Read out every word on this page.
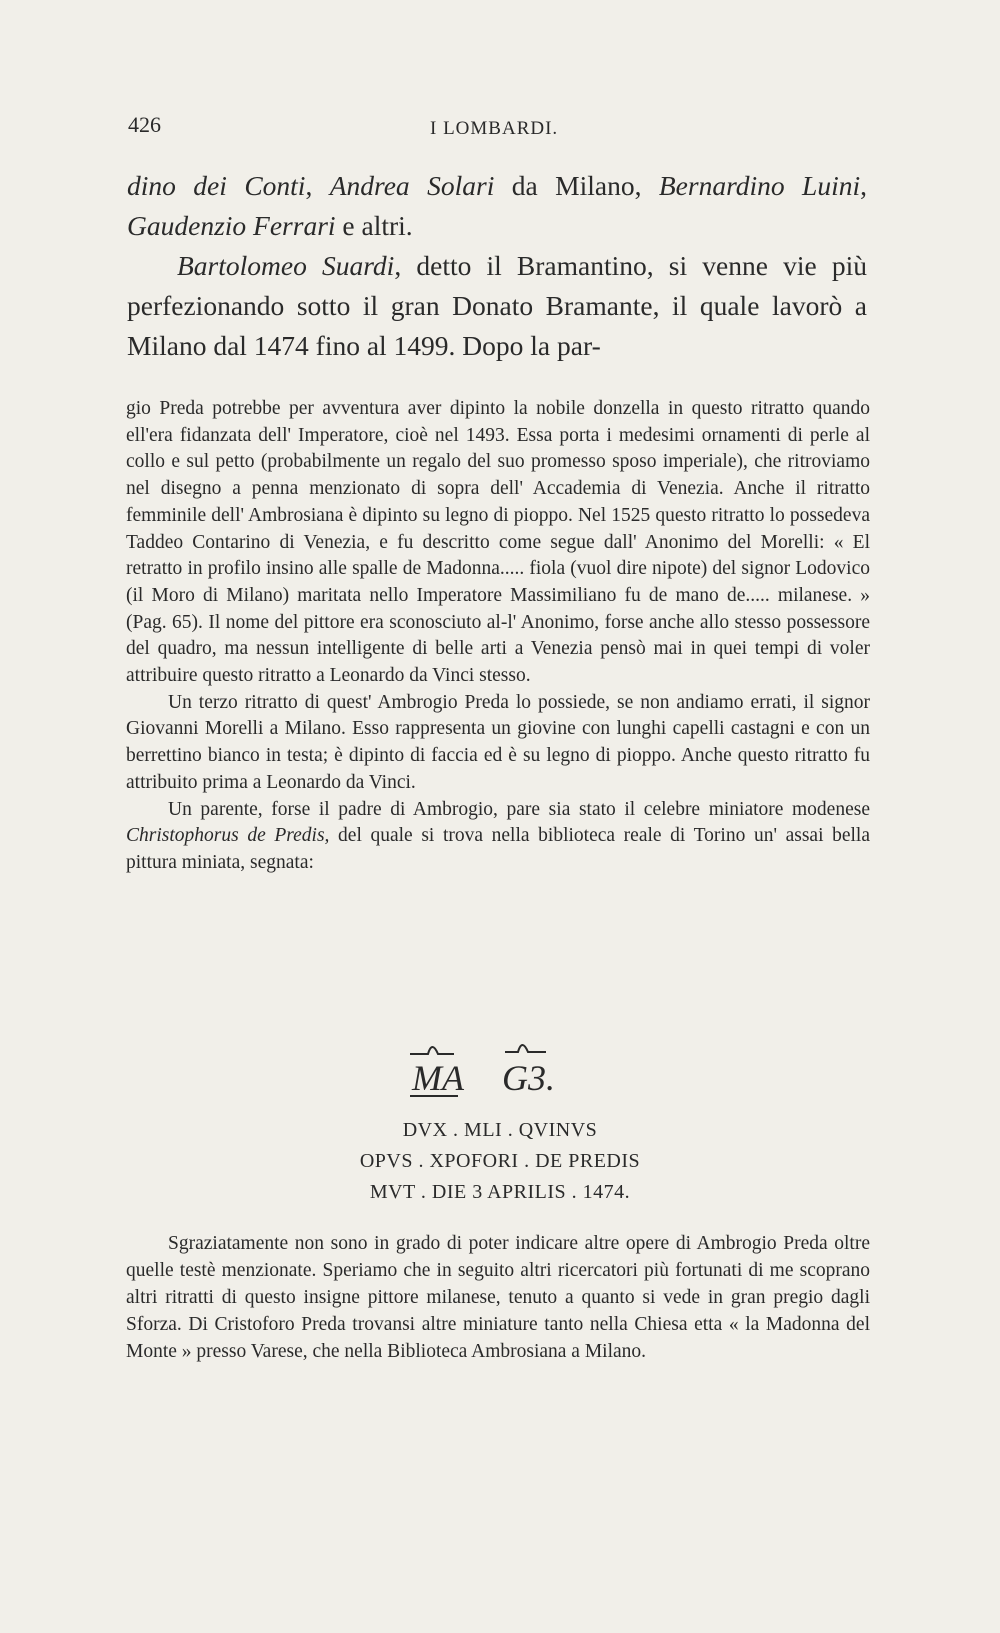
426	I LOMBARDI.

dino dei Conti, Andrea Solari da Milano, Bernardino Luini, Gaudenzio Ferrari e altri.

Bartolomeo Suardi, detto il Bramantino, si venne vie più perfezionando sotto il gran Donato Bramante, il quale lavorò a Milano dal 1474 fino al 1499. Dopo la par-

gio Preda potrebbe per avventura aver dipinto la nobile donzella in questo ritratto quando ell'era fidanzata dell' Imperatore, cioè nel 1493. Essa porta i medesimi ornamenti di perle al collo e sul petto (probabilmente un regalo del suo promesso sposo imperiale), che ritroviamo nel disegno a penna menzionato di sopra dell' Accademia di Venezia. Anche il ritratto femminile dell' Ambrosiana è dipinto su legno di pioppo. Nel 1525 questo ritratto lo possedeva Taddeo Contarino di Venezia, e fu descritto come segue dall' Anonimo del Morelli: « El retratto in profilo insino alle spalle de Madonna..... fiola (vuol dire nipote) del signor Lodovico (il Moro di Milano) maritata nello Imperatore Massimiliano fu de mano de..... milanese. » (Pag. 65). Il nome del pittore era sconosciuto al-l' Anonimo, forse anche allo stesso possessore del quadro, ma nessun intelligente di belle arti a Venezia pensò mai in quei tempi di voler attribuire questo ritratto a Leonardo da Vinci stesso.

Un terzo ritratto di quest' Ambrogio Preda lo possiede, se non andiamo errati, il signor Giovanni Morelli a Milano. Esso rappresenta un giovine con lunghi capelli castagni e con un berrettino bianco in testa; è dipinto di faccia ed è su legno di pioppo. Anche questo ritratto fu attribuito prima a Leonardo da Vinci.

Un parente, forse il padre di Ambrogio, pare sia stato il celebre miniatore modenese Christophorus de Predis, del quale si trova nella biblioteca reale di Torino un' assai bella pittura miniata, segnata:

MA G3.
DVX . MLI . QVINVS
OPVS . XPOFORI . DE PREDIS
MVT . DIE 3 APRILIS . 1474.

Sgraziatamente non sono in grado di poter indicare altre opere di Ambrogio Preda oltre quelle testè menzionate. Speriamo che in seguito altri ricercatori più fortunati di me scoprano altri ritratti di questo insigne pittore milanese, tenuto a quanto si vede in gran pregio dagli Sforza. Di Cristoforo Preda trovansi altre miniature tanto nella Chiesa etta « la Madonna del Monte » presso Varese, che nella Biblioteca Ambrosiana a Milano.
